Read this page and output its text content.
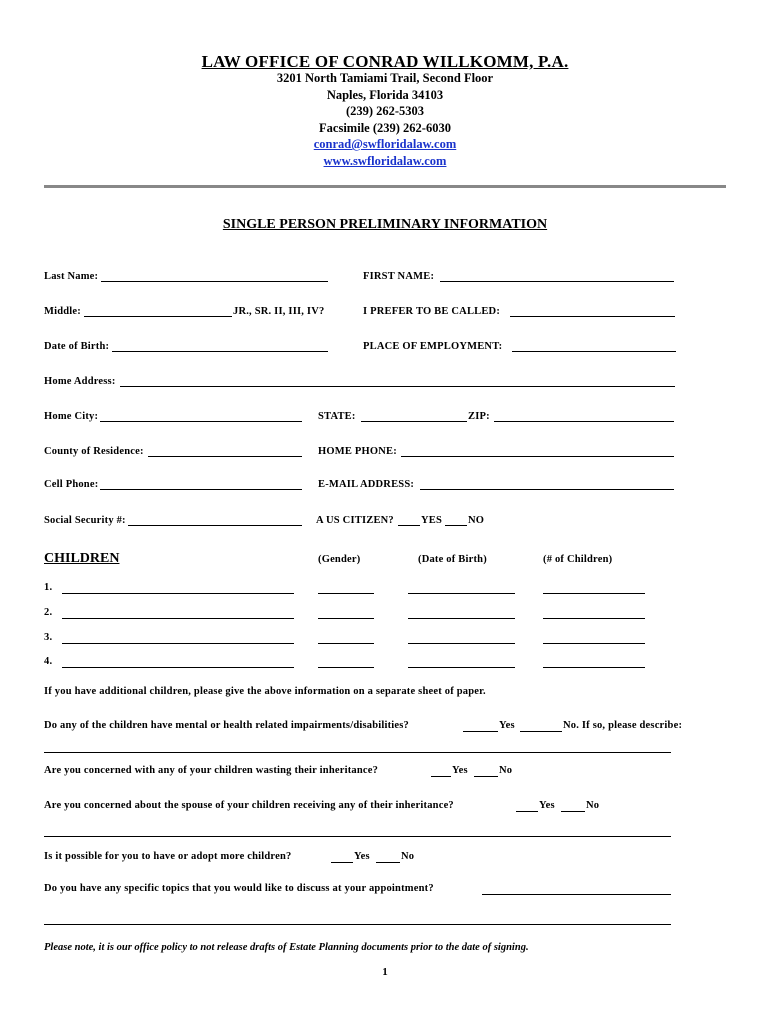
LAW OFFICE OF CONRAD WILLKOMM, P.A.
3201 North Tamiami Trail, Second Floor
Naples, Florida 34103
(239) 262-5303
Facsimile (239) 262-6030
conrad@swfloridalaw.com
www.swfloridalaw.com
SINGLE PERSON PRELIMINARY INFORMATION
Last Name:	FIRST NAME:
Middle:	JR., SR. II, III, IV?	I PREFER TO BE CALLED:
Date of Birth:	PLACE OF EMPLOYMENT:
Home Address:
Home City:	STATE:	ZIP:
County of Residence:	HOME PHONE:
Cell Phone:	E-MAIL ADDRESS:
Social Security #:	A US CITIZEN?	YES NO
CHILDREN	(Gender)	(Date of Birth)	(# of Children)
1.
2.
3.
4.
If you have additional children, please give the above information on a separate sheet of paper.
Do any of the children have mental or health related impairments/disabilities?	Yes	No. If so, please describe:
Are you concerned with any of your children wasting their inheritance?	Yes	No
Are you concerned about the spouse of your children receiving any of their inheritance?	Yes	No
Is it possible for you to have or adopt more children?	Yes	No
Do you have any specific topics that you would like to discuss at your appointment?
Please note, it is our office policy to not release drafts of Estate Planning documents prior to the date of signing.
1
